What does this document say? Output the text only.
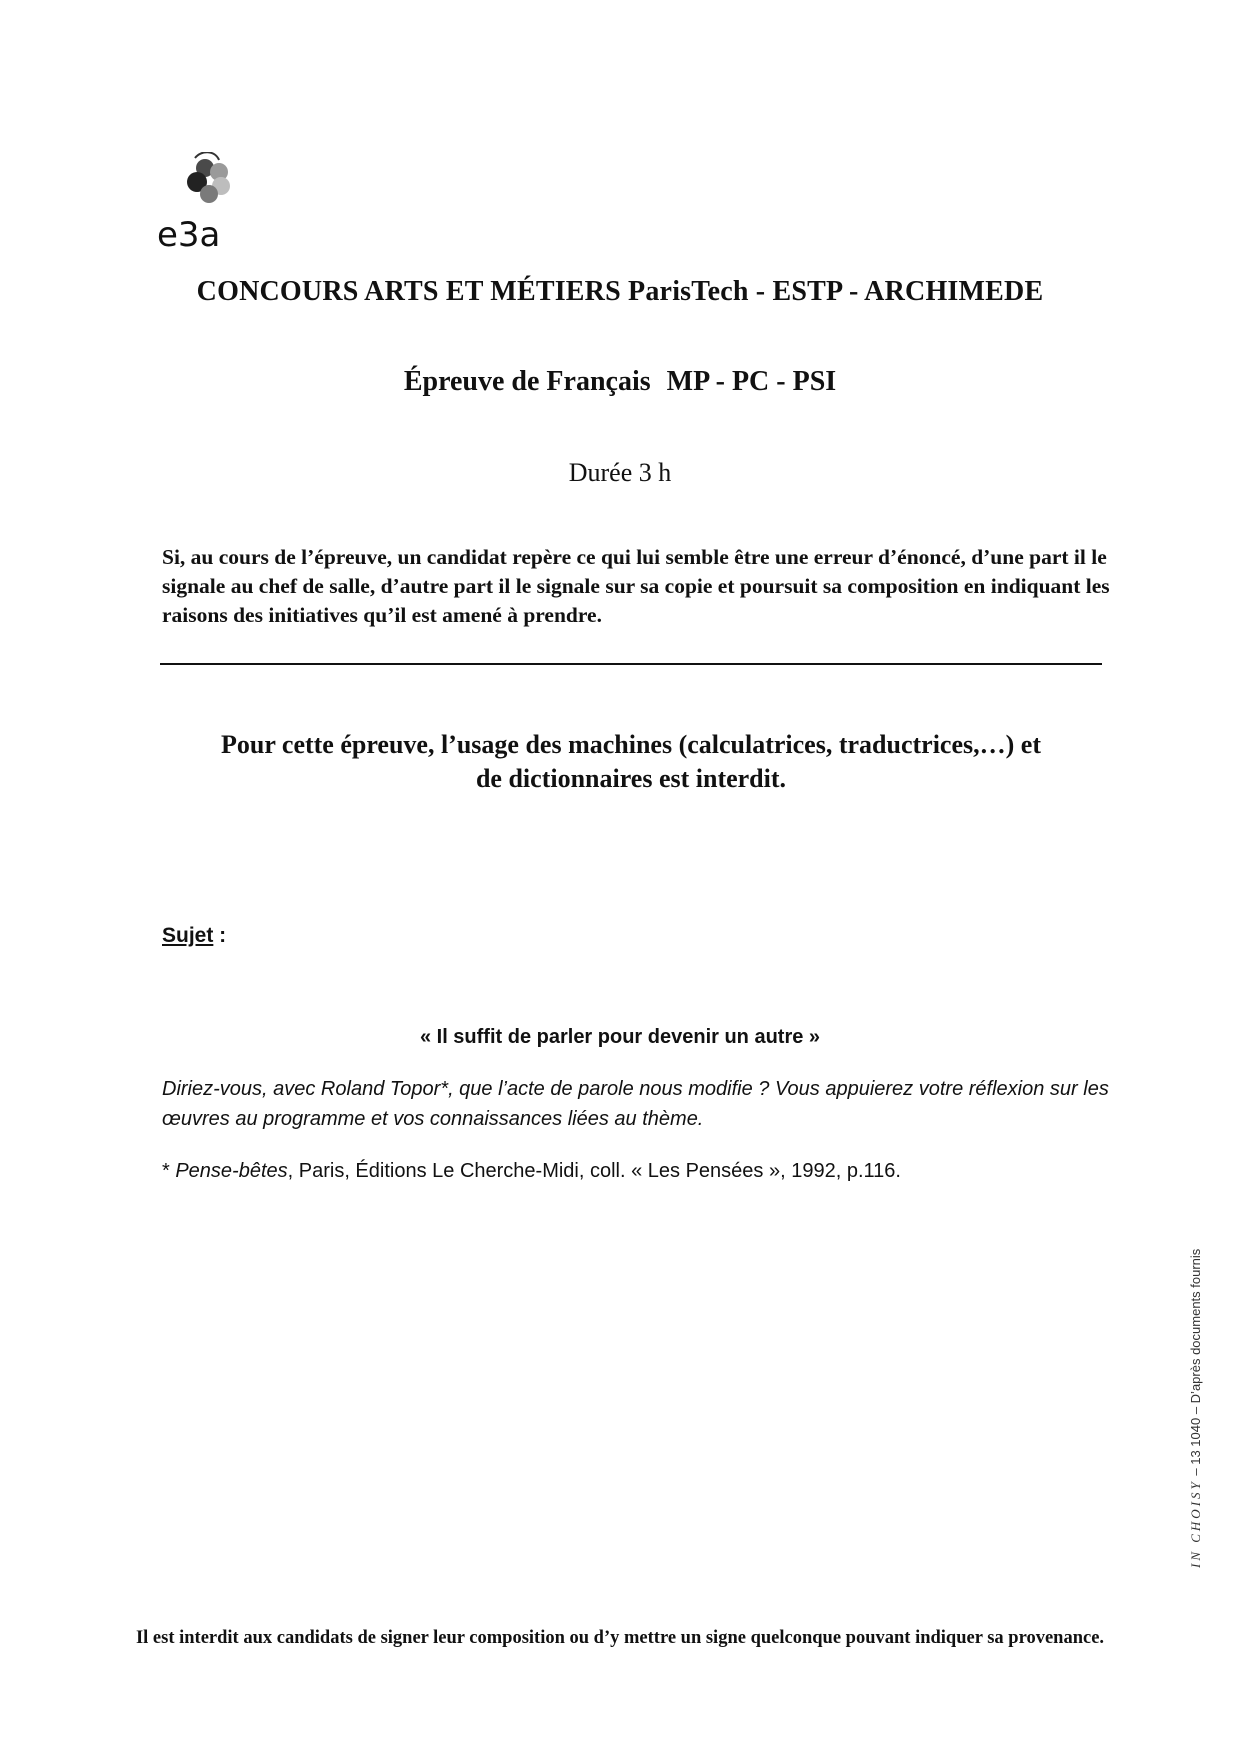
e3a
CONCOURS ARTS ET MÉTIERS ParisTech - ESTP - ARCHIMEDE
Épreuve de Français MP - PC - PSI
Durée 3 h
Si, au cours de l’épreuve, un candidat repère ce qui lui semble être une erreur d’énoncé, d’une part il le signale au chef de salle, d’autre part il le signale sur sa copie et poursuit sa composition en indiquant les raisons des initiatives qu’il est amené à prendre.
Pour cette épreuve, l’usage des machines (calculatrices, traductrices,…) et
de dictionnaires est interdit.
Sujet :
« Il suffit de parler pour devenir un autre »
Diriez-vous, avec Roland Topor*, que l’acte de parole nous modifie ? Vous appuierez votre réflexion sur les œuvres au programme et vos connaissances liées au thème.
* Pense-bêtes, Paris, Éditions Le Cherche-Midi, coll. « Les Pensées », 1992, p.116.
IN CHOISY – 13 1040 – D’après documents fournis
Il est interdit aux candidats de signer leur composition ou d’y mettre un signe quelconque pouvant indiquer sa provenance.
